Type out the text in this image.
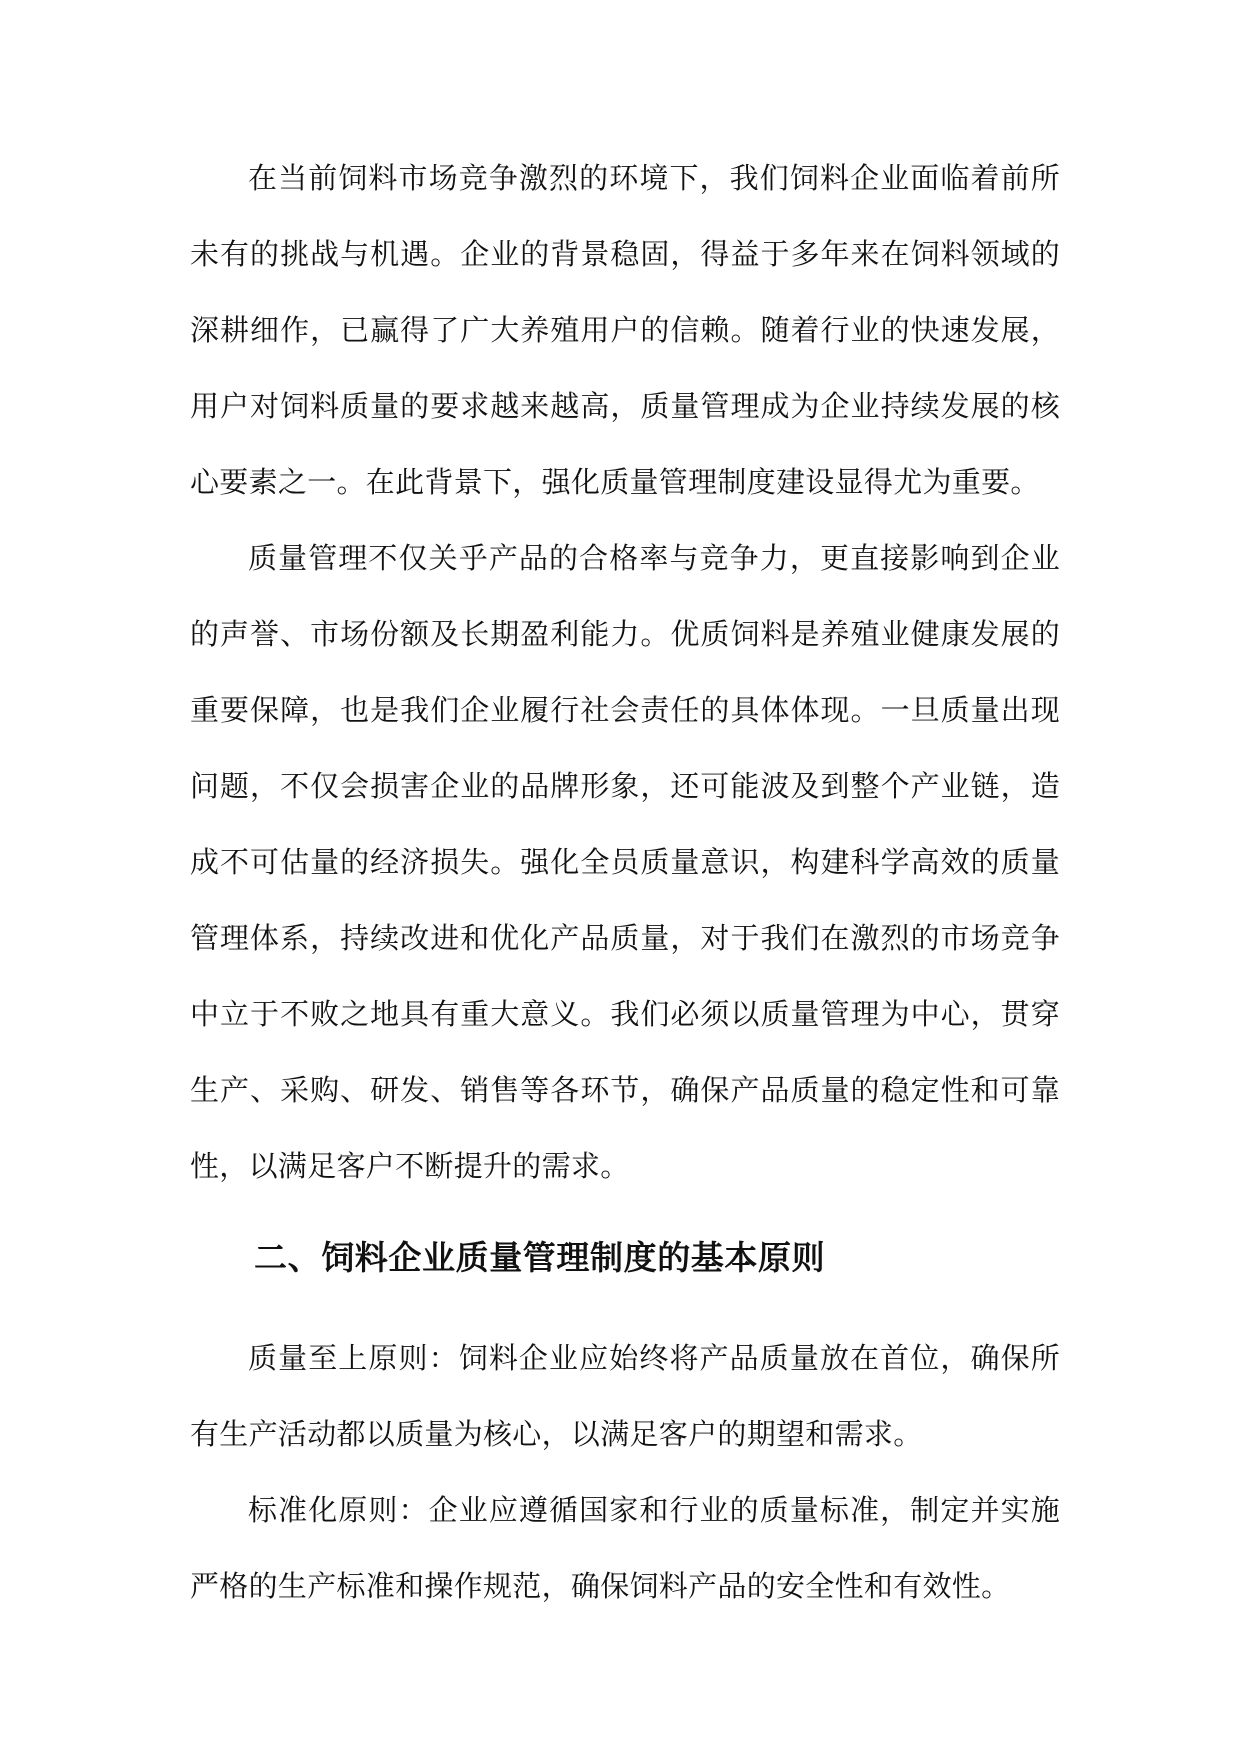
在当前饲料市场竞争激烈的环境下，我们饲料企业面临着前所未有的挑战与机遇。企业的背景稳固，得益于多年来在饲料领域的深耕细作，已赢得了广大养殖用户的信赖。随着行业的快速发展，用户对饲料质量的要求越来越高，质量管理成为企业持续发展的核心要素之一。在此背景下，强化质量管理制度建设显得尤为重要。

质量管理不仅关乎产品的合格率与竞争力，更直接影响到企业的声誉、市场份额及长期盈利能力。优质饲料是养殖业健康发展的重要保障，也是我们企业履行社会责任的具体体现。一旦质量出现问题，不仅会损害企业的品牌形象，还可能波及到整个产业链，造成不可估量的经济损失。强化全员质量意识，构建科学高效的质量管理体系，持续改进和优化产品质量，对于我们在激烈的市场竞争中立于不败之地具有重大意义。我们必须以质量管理为中心，贯穿生产、采购、研发、销售等各环节，确保产品质量的稳定性和可靠性，以满足客户不断提升的需求。

二、饲料企业质量管理制度的基本原则

质量至上原则：饲料企业应始终将产品质量放在首位，确保所有生产活动都以质量为核心，以满足客户的期望和需求。

标准化原则：企业应遵循国家和行业的质量标准，制定并实施严格的生产标准和操作规范，确保饲料产品的安全性和有效性。
